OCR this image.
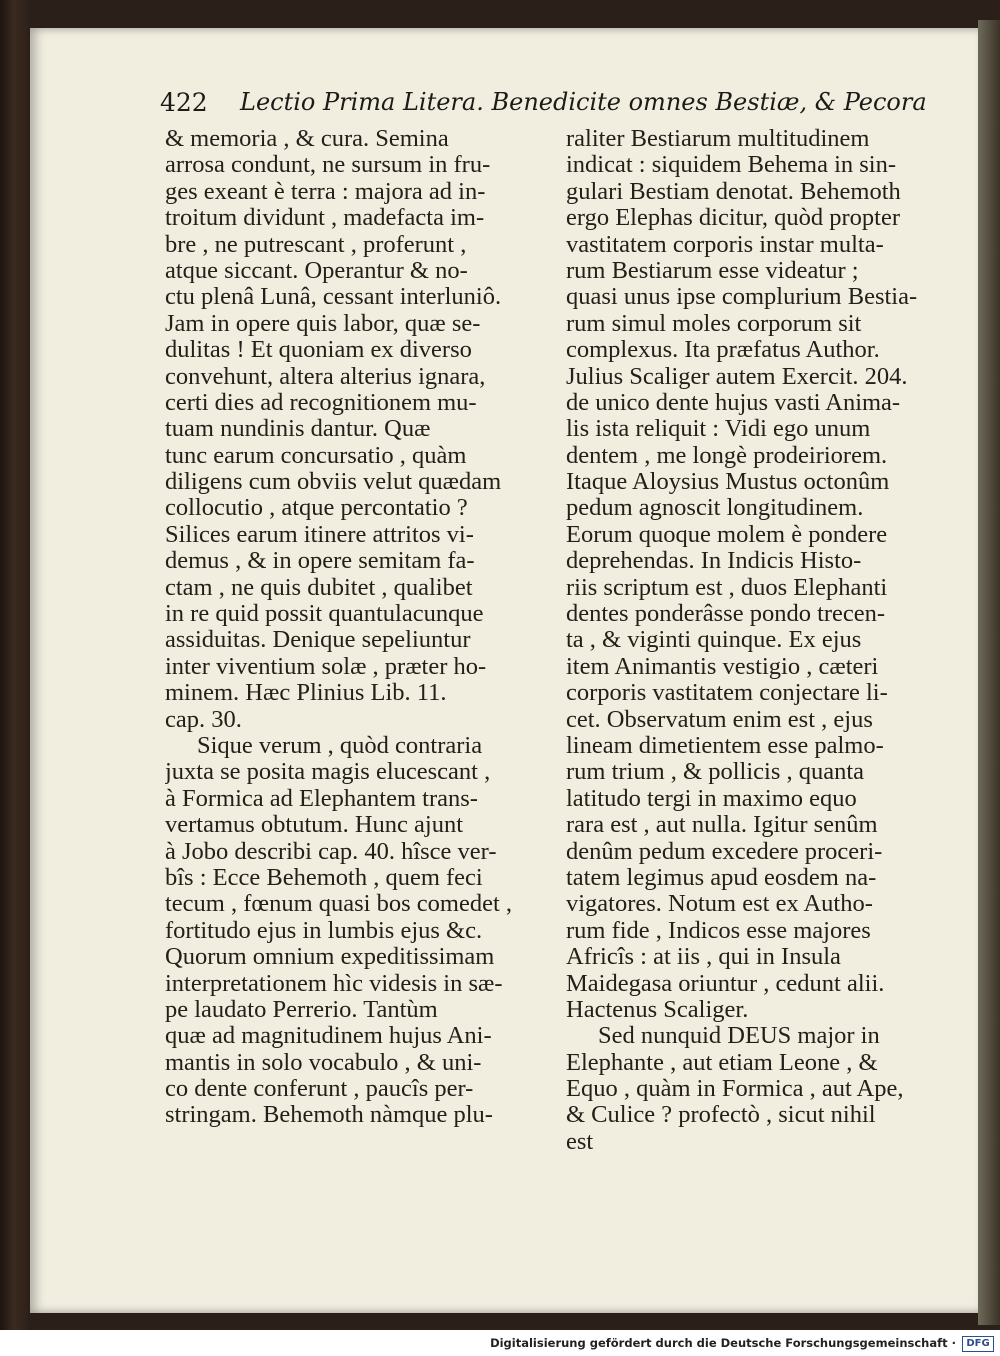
422 Lectio Prima Litera. Benedicite omnes Bestiæ, & Pecora
& memoria , & cura. Semina
arrosa condunt, ne sursum in fru-
ges exeant è terra : majora ad in-
troitum dividunt , madefacta im-
bre , ne putrescant , proferunt ,
atque siccant. Operantur & no-
ctu plenâ Lunâ, cessant interluniô.
Jam in opere quis labor, quæ se-
dulitas ! Et quoniam ex diverso
convehunt, altera alterius ignara,
certi dies ad recognitionem mu-
tuam nundinis dantur. Quæ
tunc earum concursatio , quàm
diligens cum obviis velut quædam
collocutio , atque percontatio ?
Silices earum itinere attritos vi-
demus , & in opere semitam fa-
ctam , ne quis dubitet , qualibet
in re quid possit quantulacunque
assiduitas. Denique sepeliuntur
inter viventium solæ , præter ho-
minem. Hæc Plinius Lib. 11.
cap. 30.
Sique verum , quòd contraria
juxta se posita magis elucescant ,
à Formica ad Elephantem trans-
vertamus obtutum. Hunc ajunt
à Jobo describi cap. 40. hîsce ver-
bîs : Ecce Behemoth , quem feci
tecum , fœnum quasi bos comedet ,
fortitudo ejus in lumbis ejus &c.
Quorum omnium expeditissimam
interpretationem hìc videsis in sæ-
pe laudato Perrerio. Tantùm
quæ ad magnitudinem hujus Ani-
mantis in solo vocabulo , & uni-
co dente conferunt , paucîs per-
stringam. Behemoth nàmque plu-
raliter Bestiarum multitudinem
indicat : siquidem Behema in sin-
gulari Bestiam denotat. Behemoth
ergo Elephas dicitur, quòd propter
vastitatem corporis instar multa-
rum Bestiarum esse videatur ;
quasi unus ipse complurium Bestia-
rum simul moles corporum sit
complexus. Ita præfatus Author.
Julius Scaliger autem Exercit. 204.
de unico dente hujus vasti Anima-
lis ista reliquit : Vidi ego unum
dentem , me longè prodeiriorem.
Itaque Aloysius Mustus octonûm
pedum agnoscit longitudinem.
Eorum quoque molem è pondere
deprehendas. In Indicis Histo-
riis scriptum est , duos Elephanti
dentes ponderâsse pondo trecen-
ta , & viginti quinque. Ex ejus
item Animantis vestigio , cæteri
corporis vastitatem conjectare li-
cet. Observatum enim est , ejus
lineam dimetientem esse palmo-
rum trium , & pollicis , quanta
latitudo tergi in maximo equo
rara est , aut nulla. Igitur senûm
denûm pedum excedere proceri-
tatem legimus apud eosdem na-
vigatores. Notum est ex Autho-
rum fide , Indicos esse majores
Africîs : at iis , qui in Insula
Maidegasa oriuntur , cedunt alii.
Hactenus Scaliger.
Sed nunquid DEUS major in
Elephante , aut etiam Leone , &
Equo , quàm in Formica , aut Ape,
& Culice ? profectò , sicut nihil
est
Digitalisierung gefördert durch die Deutsche Forschungsgemeinschaft ·	DFG
